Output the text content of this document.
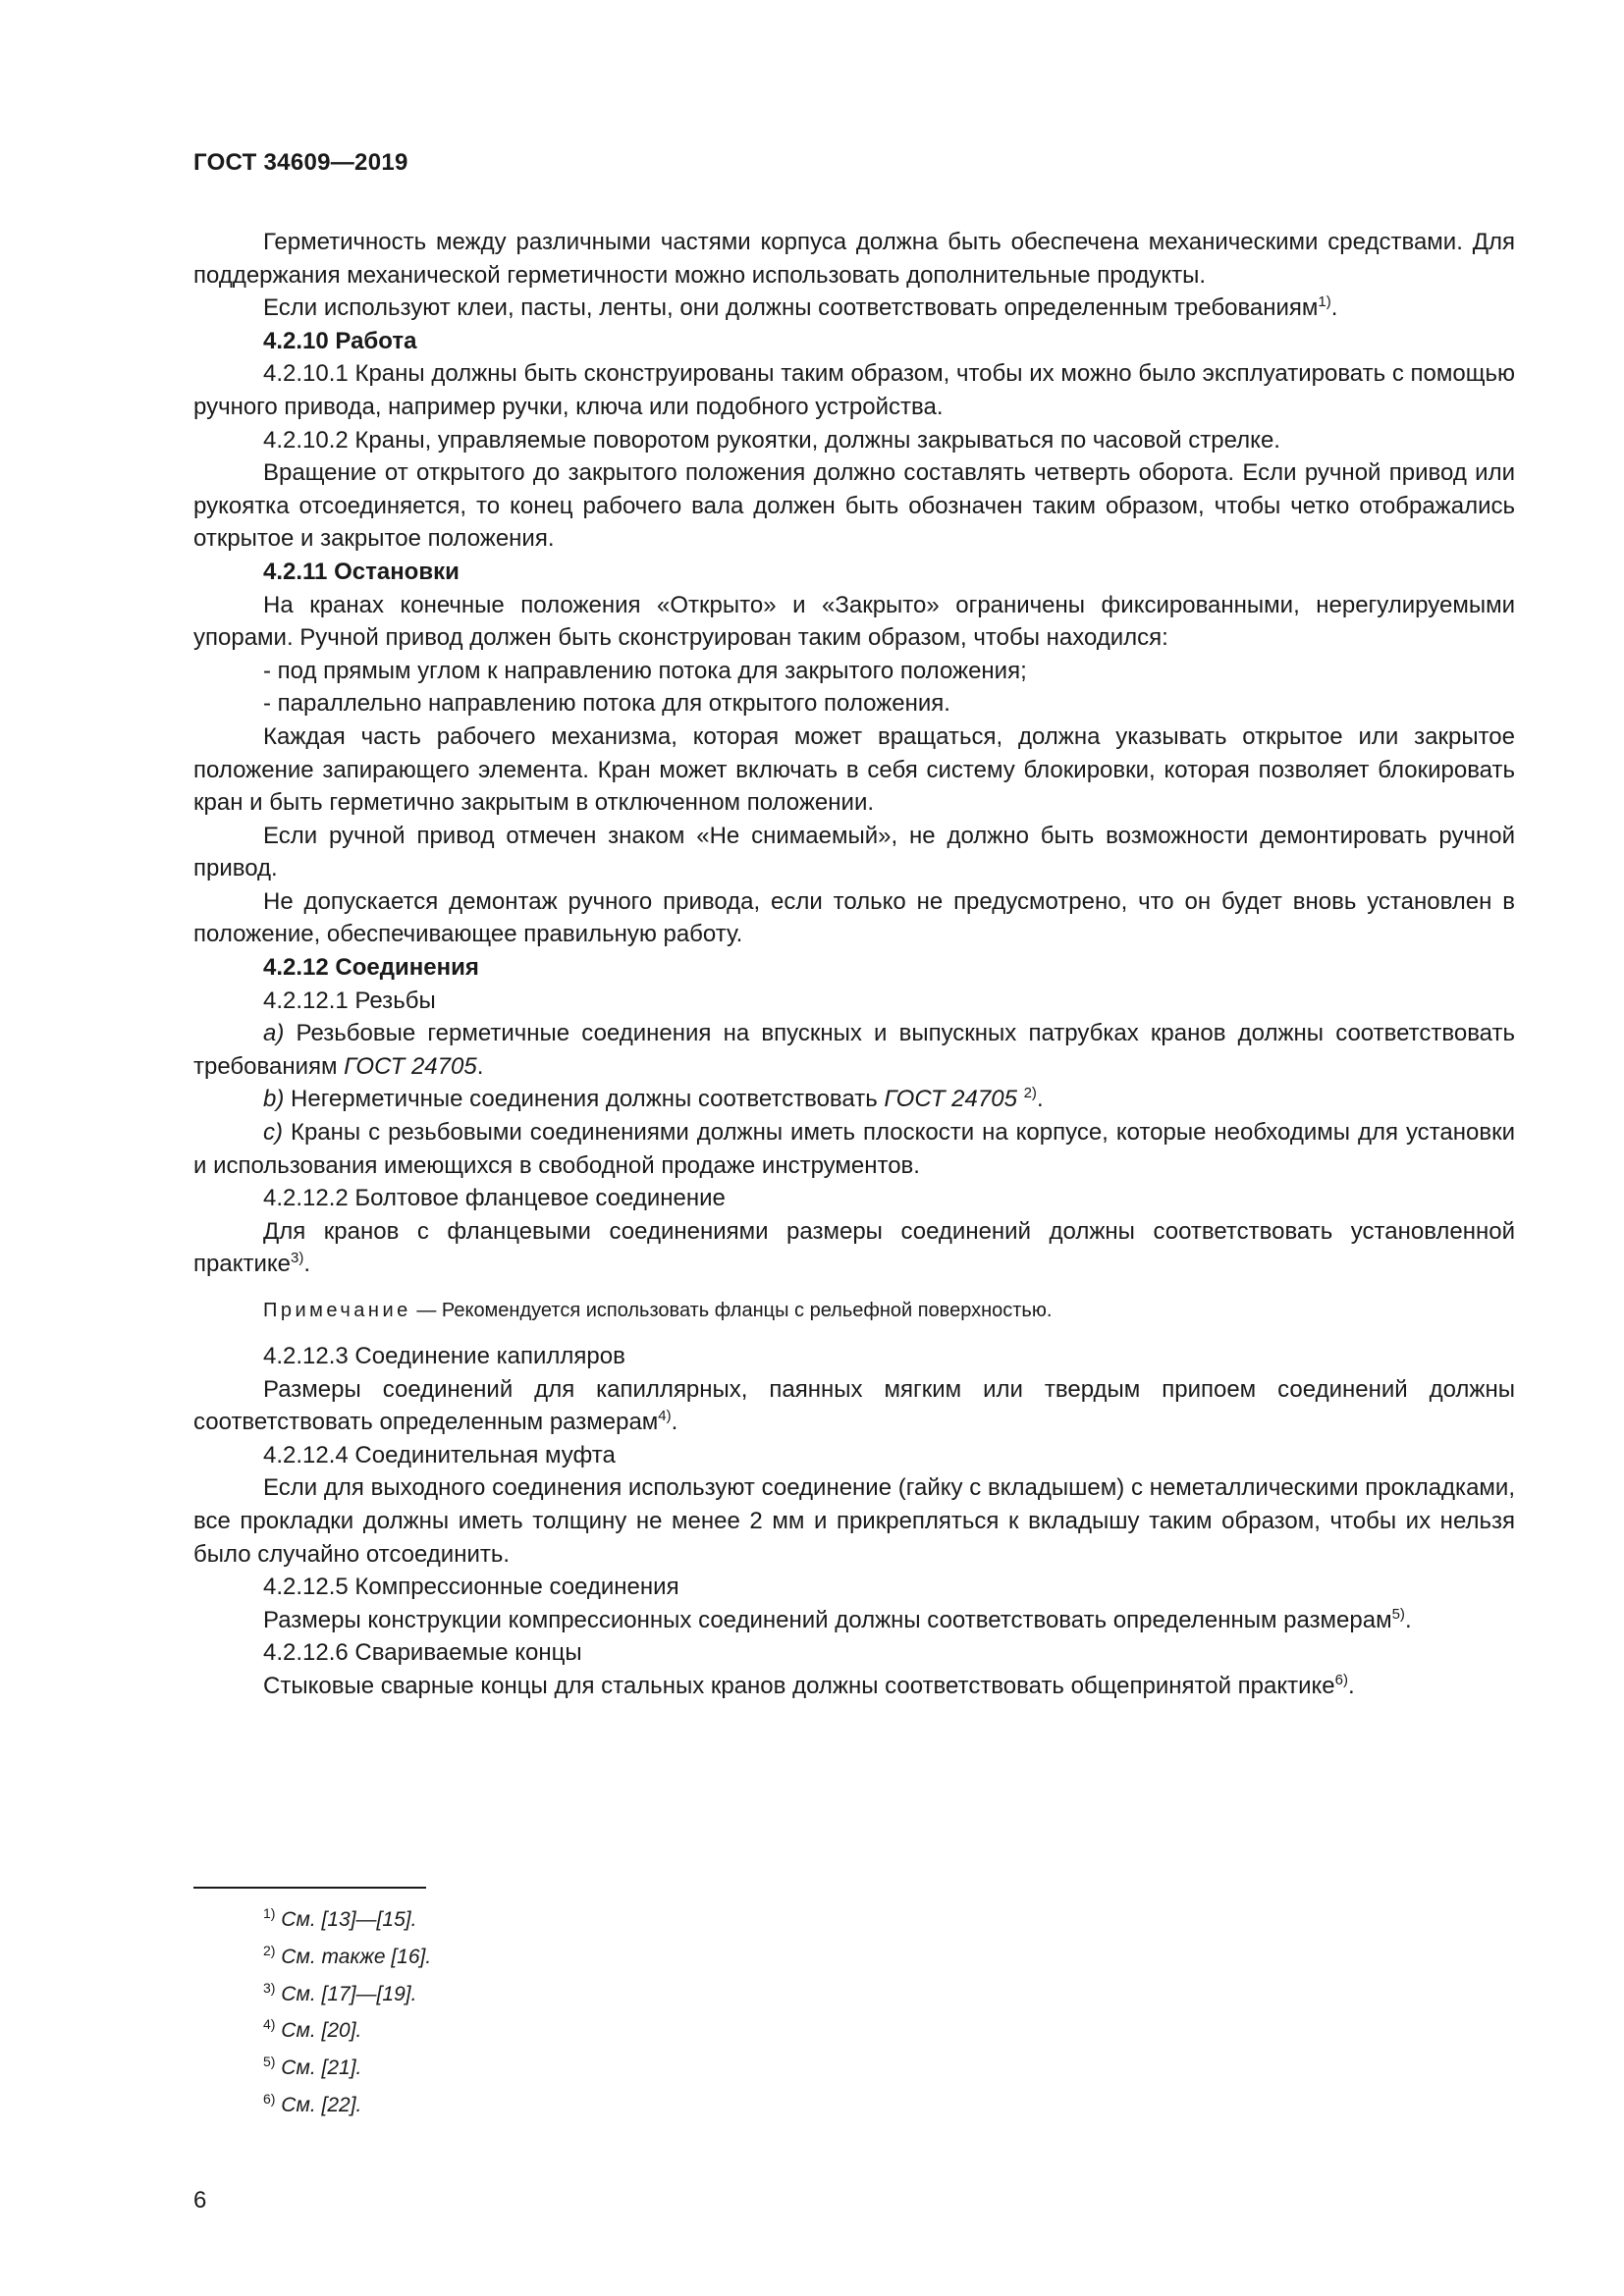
ГОСТ 34609—2019

Герметичность между различными частями корпуса должна быть обеспечена механическими средствами. Для поддержания механической герметичности можно использовать дополнительные продукты.

Если используют клеи, пасты, ленты, они должны соответствовать определенным требованиям$^{1)}$.

4.2.10 Работа

4.2.10.1 Краны должны быть сконструированы таким образом, чтобы их можно было эксплуатировать с помощью ручного привода, например ручки, ключа или подобного устройства.

4.2.10.2 Краны, управляемые поворотом рукоятки, должны закрываться по часовой стрелке.

Вращение от открытого до закрытого положения должно составлять четверть оборота. Если ручной привод или рукоятка отсоединяется, то конец рабочего вала должен быть обозначен таким образом, чтобы четко отображались открытое и закрытое положения.

4.2.11 Остановки

На кранах конечные положения «Открыто» и «Закрыто» ограничены фиксированными, нерегулируемыми упорами. Ручной привод должен быть сконструирован таким образом, чтобы находился:

- под прямым углом к направлению потока для закрытого положения;

- параллельно направлению потока для открытого положения.

Каждая часть рабочего механизма, которая может вращаться, должна указывать открытое или закрытое положение запирающего элемента. Кран может включать в себя систему блокировки, которая позволяет блокировать кран и быть герметично закрытым в отключенном положении.

Если ручной привод отмечен знаком «Не снимаемый», не должно быть возможности демонтировать ручной привод.

Не допускается демонтаж ручного привода, если только не предусмотрено, что он будет вновь установлен в положение, обеспечивающее правильную работу.

4.2.12 Соединения

4.2.12.1 Резьбы

a) Резьбовые герметичные соединения на впускных и выпускных патрубках кранов должны соответствовать требованиям ГОСТ 24705.

b) Негерметичные соединения должны соответствовать ГОСТ 24705 $^{2)}$.

c) Краны с резьбовыми соединениями должны иметь плоскости на корпусе, которые необходимы для установки и использования имеющихся в свободной продаже инструментов.

4.2.12.2 Болтовое фланцевое соединение

Для кранов с фланцевыми соединениями размеры соединений должны соответствовать установленной практике$^{3)}$.

Примечание — Рекомендуется использовать фланцы с рельефной поверхностью.

4.2.12.3 Соединение капилляров

Размеры соединений для капиллярных, паянных мягким или твердым припоем соединений должны соответствовать определенным размерам$^{4)}$.

4.2.12.4 Соединительная муфта

Если для выходного соединения используют соединение (гайку с вкладышем) с неметаллическими прокладками, все прокладки должны иметь толщину не менее 2 мм и прикрепляться к вкладышу таким образом, чтобы их нельзя было случайно отсоединить.

4.2.12.5 Компрессионные соединения

Размеры конструкции компрессионных соединений должны соответствовать определенным размерам$^{5)}$.

4.2.12.6 Свариваемые концы

Стыковые сварные концы для стальных кранов должны соответствовать общепринятой практике$^{6)}$.

$^{1)}$ См. [13]—[15].

$^{2)}$ См. также [16].

$^{3)}$ См. [17]—[19].

$^{4)}$ См. [20].

$^{5)}$ См. [21].

$^{6)}$ См. [22].

6
